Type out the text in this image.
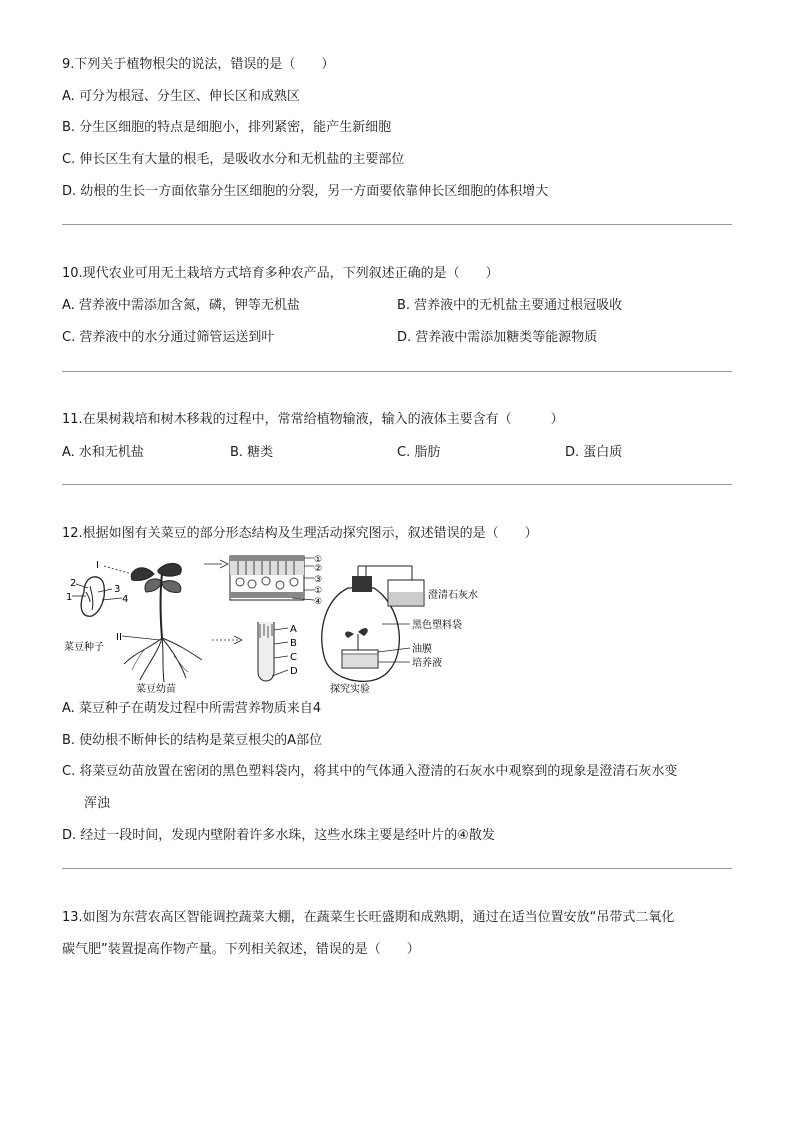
9.下列关于植物根尖的说法，错误的是（　　）
A. 可分为根冠、分生区、伸长区和成熟区
B. 分生区细胞的特点是细胞小，排列紧密，能产生新细胞
C. 伸长区生有大量的根毛，是吸收水分和无机盐的主要部位
D. 幼根的生长一方面依靠分生区细胞的分裂，另一方面要依靠伸长区细胞的体积增大
10.现代农业可用无土栽培方式培育多种农产品，下列叙述正确的是（　　）
A. 营养液中需添加含氮，磷，钾等无机盐	B. 营养液中的无机盐主要通过根冠吸收
C. 营养液中的水分通过筛管运送到叶	D. 营养液中需添加糖类等能源物质
11.在果树栽培和树木移栽的过程中，常常给植物输液，输入的液体主要含有（　　　）
A. 水和无机盐	B. 糖类	C. 脂肪	D. 蛋白质
12.根据如图有关菜豆的部分形态结构及生理活动探究图示，叙述错误的是（　　）
2
1
3
4
菜豆种子
I
II
菜豆幼苗
①
②
③
①
④
A
B
C
D
澄清石灰水
黑色塑料袋
油膜
培养液
探究实验
A. 菜豆种子在萌发过程中所需营养物质来自4
B. 使幼根不断伸长的结构是菜豆根尖的A部位
C. 将菜豆幼苗放置在密闭的黑色塑料袋内，将其中的气体通入澄清的石灰水中观察到的现象是澄清石灰水变
浑浊
D. 经过一段时间，发现内壁附着许多水珠，这些水珠主要是经叶片的④散发
13.如图为东营农高区智能调控蔬菜大棚，在蔬菜生长旺盛期和成熟期，通过在适当位置安放“吊带式二氧化
碳气肥”装置提高作物产量。下列相关叙述，错误的是（　　）
